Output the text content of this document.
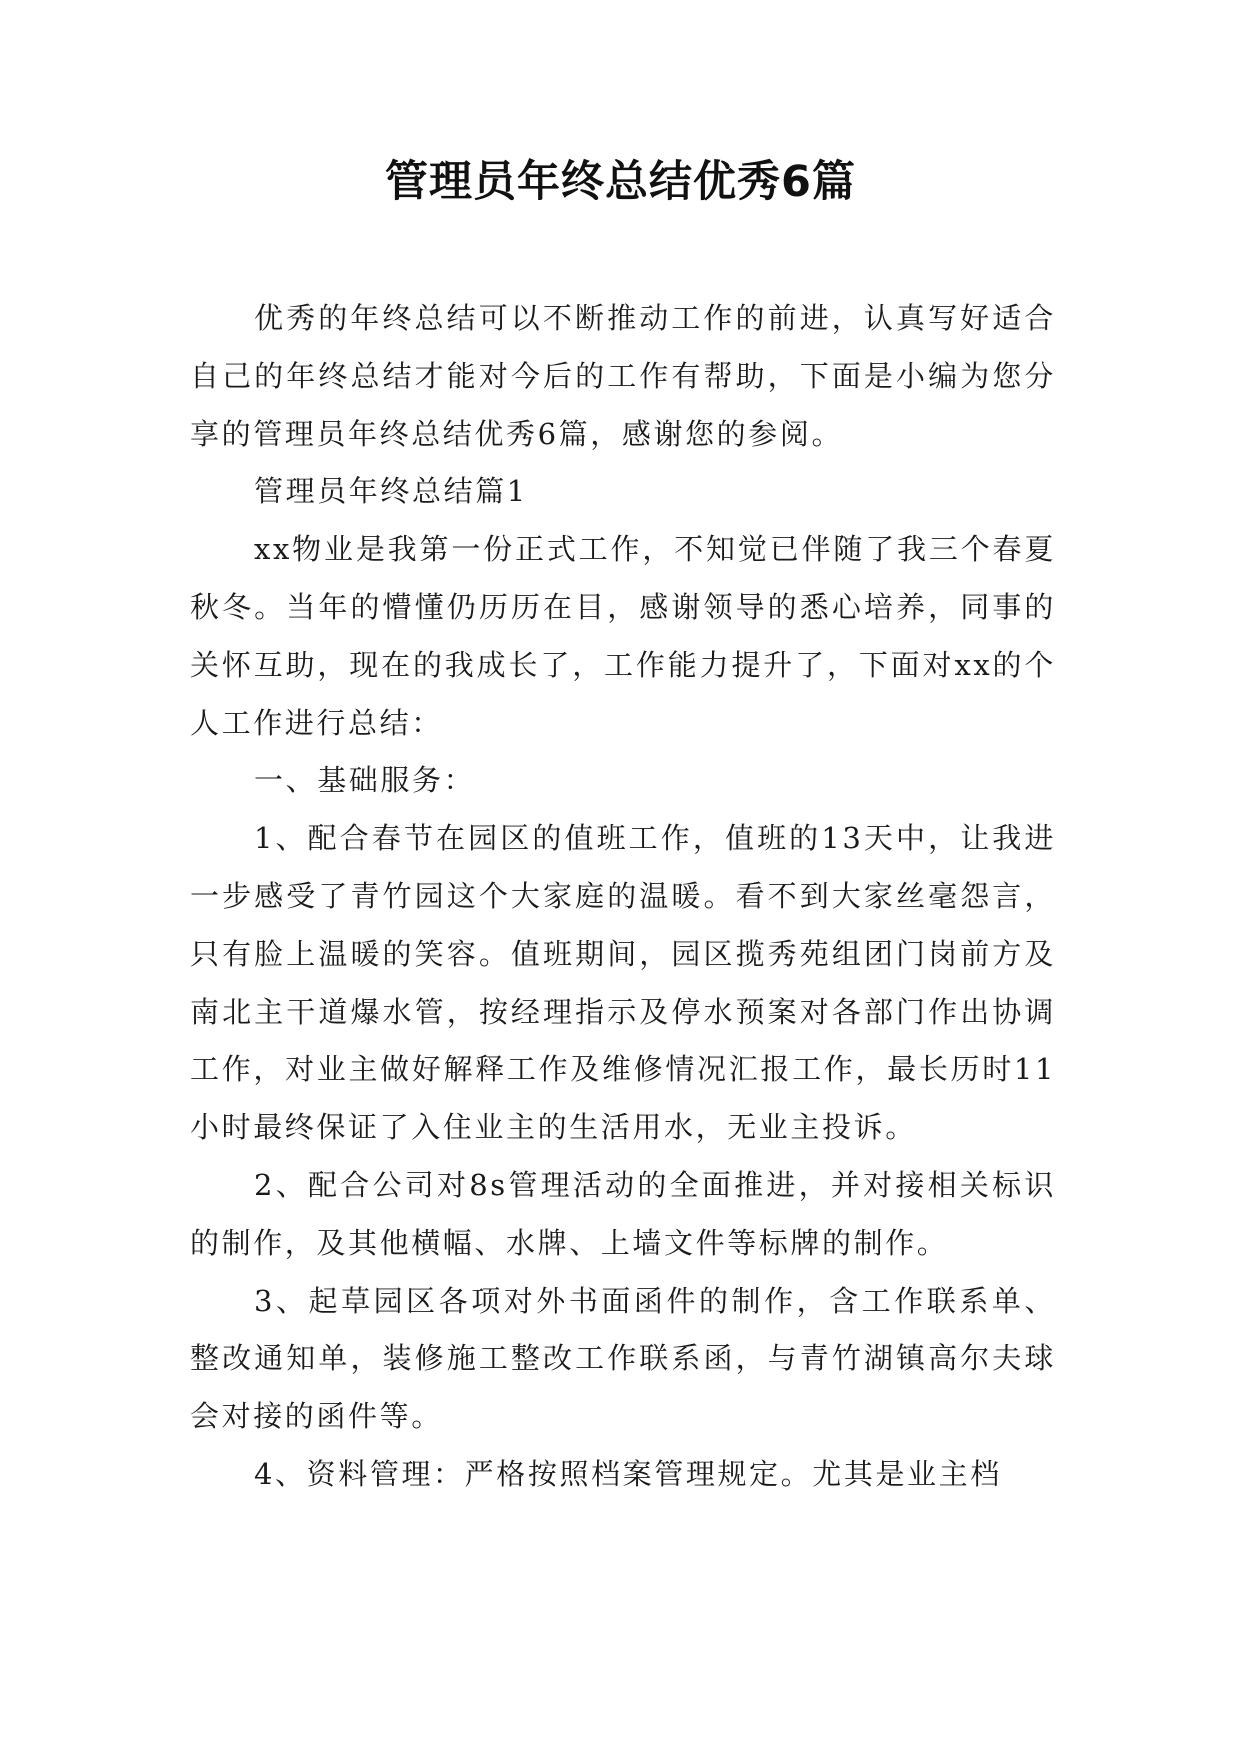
管理员年终总结优秀6篇

优秀的年终总结可以不断推动工作的前进，认真写好适合自己的年终总结才能对今后的工作有帮助，下面是小编为您分享的管理员年终总结优秀6篇，感谢您的参阅。

管理员年终总结篇1

xx物业是我第一份正式工作，不知觉已伴随了我三个春夏秋冬。当年的懵懂仍历历在目，感谢领导的悉心培养，同事的关怀互助，现在的我成长了，工作能力提升了，下面对xx的个人工作进行总结：

一、基础服务：

1、配合春节在园区的值班工作，值班的13天中，让我进一步感受了青竹园这个大家庭的温暖。看不到大家丝毫怨言，只有脸上温暖的笑容。值班期间，园区揽秀苑组团门岗前方及南北主干道爆水管，按经理指示及停水预案对各部门作出协调工作，对业主做好解释工作及维修情况汇报工作，最长历时11小时最终保证了入住业主的生活用水，无业主投诉。

2、配合公司对8s管理活动的全面推进，并对接相关标识的制作，及其他横幅、水牌、上墙文件等标牌的制作。

3、起草园区各项对外书面函件的制作，含工作联系单、整改通知单，装修施工整改工作联系函，与青竹湖镇高尔夫球会对接的函件等。

4、资料管理：严格按照档案管理规定。尤其是业主档
